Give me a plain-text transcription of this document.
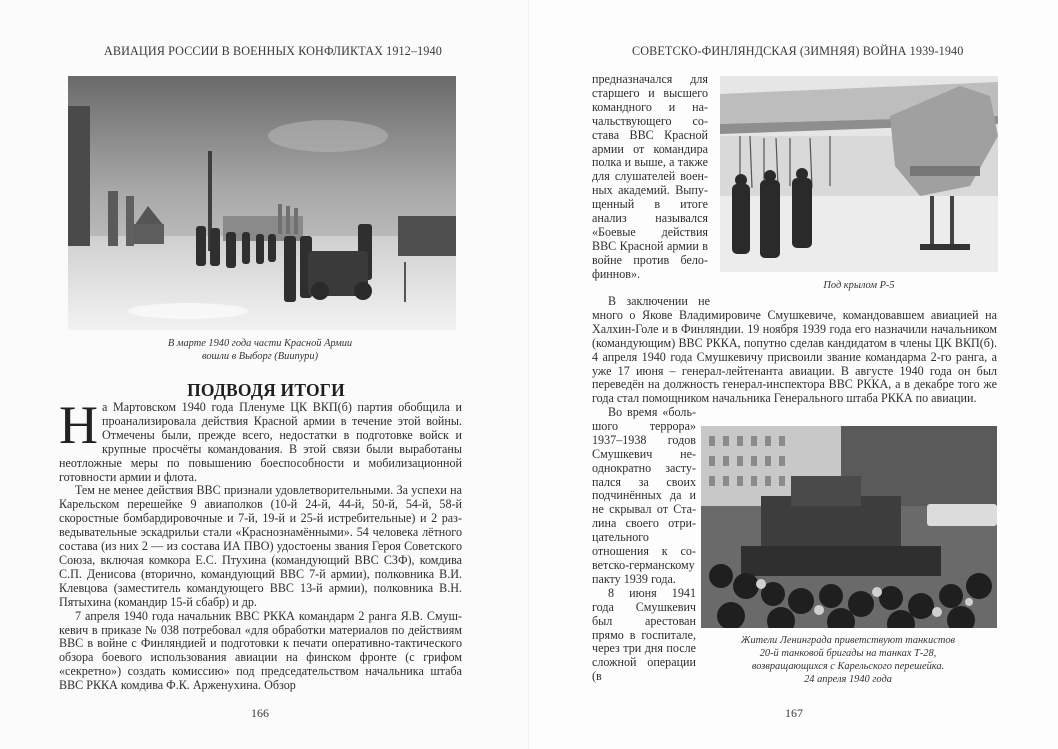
АВИАЦИЯ РОССИИ В ВОЕННЫХ КОНФЛИКТАХ 1912–1940
В марте 1940 года части Красной Армии
вошли в Выборг (Виипури)
ПОДВОДЯ ИТОГИ

На Мартовском 1940 года Пленуме ЦК ВКП(б) партия обобщила и проанализировала действия Красной армии в течение этой войны. Отмечены были, прежде всего, недостатки в подготовке войск и крупные просчёты командования. В этой связи были выработаны неотложные меры по повышению боеспособности и мобилизационной готовности армии и флота.

Тем не менее действия ВВС признали удовлетворительными. За успехи на Карельском перешейке 9 авиаполков (10-й 24-й, 44-й, 50-й, 54-й, 58-й скоростные бомбардировочные и 7-й, 19-й и 25-й истребительные) и 2 разведывательные эскадрильи стали «Краснознамёнными». 54 человека лётного состава (из них 2 — из состава ИА ПВО) удостоены звания Героя Советского Союза, включая комкора Е.С. Птухина (командующий ВВС СЗФ), комдива С.П. Денисова (вторично, командующий ВВС 7-й армии), полковника В.И. Клевцова (заместитель командующего ВВС 13-й армии), полковника В.Н. Пятыхина (командир 15-й сбабр) и др.

7 апреля 1940 года начальник ВВС РККА командарм 2 ранга Я.В. Смушкевич в приказе № 038 потребовал «для обработки материалов по действиям ВВС в войне с Финляндией и подготовки к печати оперативно-тактического обзора боевого использования авиации на финском фронте (с грифом «секретно») создать комиссию» под председательством начальника штаба ВВС РККА комдива Ф.К. Арженухина. Обзор

166
СОВЕТСКО-ФИНЛЯНДСКАЯ (ЗИМНЯЯ) ВОЙНА 1939-1940

предназначался для старшего и высшего командного и начальствующего состава ВВС Красной армии от командира полка и выше, а также для слушателей военных академий. Выпущенный в итоге анализ назывался «Боевые действия ВВС Красной армии в войне против белофиннов».

Под крылом Р-5

В заключении не

много о Якове Владимировиче Смушкевиче, командовавшем авиацией на Халхин-Голе и в Финляндии. 19 ноября 1939 года его назначили начальником (командующим) ВВС РККА, попутно сделав кандидатом в члены ЦК ВКП(б). 4 апреля 1940 года Смушкевичу присвоили звание командарма 2-го ранга, а уже 17 июня – генерал-лейтенанта авиации. В августе 1940 года он был переведён на должность генерал-инспектора ВВС РККА, а в декабре того же года стал помощником начальника Генерального штаба РККА по авиации.

Во время «большого террора» 1937–1938 годов Смушкевич неоднократно заступался за своих подчинённых да и не скрывал от Сталина своего отрицательного отношения к советско-германскому пакту 1939 года.

8 июня 1941 года Смушкевич был арестован прямо в госпитале, через три дня после сложной операции (в

Жители Ленинграда приветствуют танкистов
20-й танковой бригады на танках Т-28,
возвращающихся с Карельского перешейка.
24 апреля 1940 года
167
